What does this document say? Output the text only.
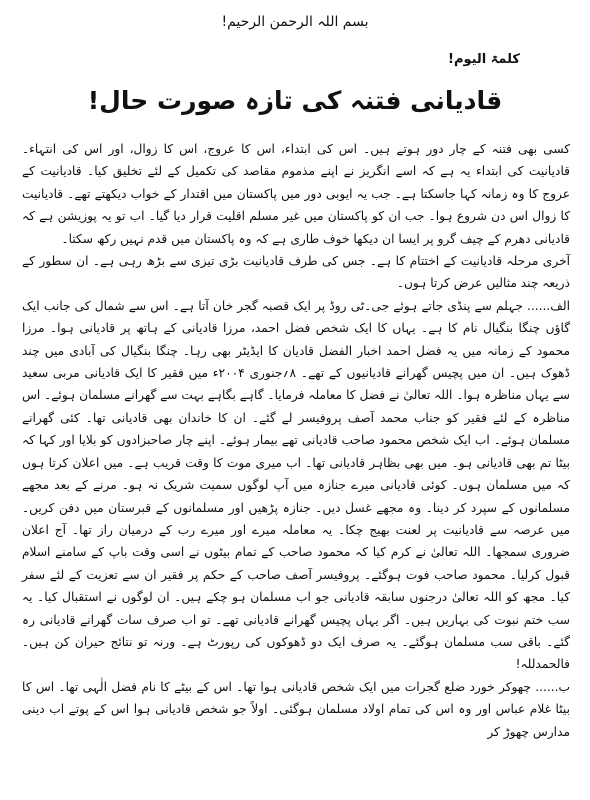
بسم اللہ الرحمن الرحیم!
کلمۃ الیوم!
قادیانی فتنہ کی تازہ صورت حال!

کسی بھی فتنہ کے چار دور ہوتے ہیں۔ اس کی ابتداء، اس کا عروج، اس کا زوال، اور اس کی انتہاء۔ قادیانیت کی ابتداء یہ ہے کہ اسے انگریز نے اپنے مذموم مقاصد کی تکمیل کے لئے تخلیق کیا۔ قادیانیت کے عروج کا وہ زمانہ کہا جاسکتا ہے۔ جب یہ ایوبی دور میں پاکستان میں اقتدار کے خواب دیکھتے تھے۔ قادیانیت کا زوال اس دن شروع ہوا۔ جب ان کو پاکستان میں غیر مسلم اقلیت قرار دیا گیا۔ اب تو یہ پوزیشن ہے کہ قادیانی دھرم کے چیف گرو پر ایسا ان دیکھا خوف طاری ہے کہ وہ پاکستان میں قدم نہیں رکھ سکتا۔

آخری مرحلہ قادیانیت کے اختتام کا ہے۔ جس کی طرف قادیانیت بڑی تیزی سے بڑھ رہی ہے۔ ان سطور کے ذریعہ چند مثالیں عرض کرتا ہوں۔

الف...... جہلم سے پنڈی جاتے ہوئے جی۔ٹی روڈ پر ایک قصبہ گجر خان آتا ہے۔ اس سے شمال کی جانب ایک گاؤں چنگا بنگیال نام کا ہے۔ یہاں کا ایک شخص فضل احمد، مرزا قادیانی کے ہاتھ پر قادیانی ہوا۔ مرزا محمود کے زمانہ میں یہ فضل احمد اخبار الفضل قادیان کا ایڈیٹر بھی رہا۔ چنگا بنگیال کی آبادی میں چند ڈھوک ہیں۔ ان میں پچیس گھرانے قادیانیوں کے تھے۔ ۸؍جنوری ۲۰۰۴ء میں فقیر کا ایک قادیانی مربی سعید سے یہاں مناظرہ ہوا۔ اللہ تعالیٰ نے فضل کا معاملہ فرمایا۔ گاہے بگاہے بہت سے گھرانے مسلمان ہوئے۔ اس مناظرہ کے لئے فقیر کو جناب محمد آصف پروفیسر لے گئے۔ ان کا خاندان بھی قادیانی تھا۔ کئی گھرانے مسلمان ہوئے۔ اب ایک شخص محمود صاحب قادیانی تھے بیمار ہوئے۔ اپنے چار صاحبزادوں کو بلایا اور کہا کہ بیٹا تم بھی قادیانی ہو۔ میں بھی بظاہر قادیانی تھا۔ اب میری موت کا وقت قریب ہے۔ میں اعلان کرتا ہوں کہ میں مسلمان ہوں۔ کوئی قادیانی میرے جنازہ میں آپ لوگوں سمیت شریک نہ ہو۔ مرنے کے بعد مجھے مسلمانوں کے سپرد کر دینا۔ وہ مجھے غسل دیں۔ جنازہ پڑھیں اور مسلمانوں کے قبرستان میں دفن کریں۔ میں عرصہ سے قادیانیت پر لعنت بھیج چکا۔ یہ معاملہ میرے اور میرے رب کے درمیان راز تھا۔ آج اعلان ضروری سمجھا۔ اللہ تعالیٰ نے کرم کیا کہ محمود صاحب کے تمام بیٹوں نے اسی وقت باپ کے سامنے اسلام قبول کرلیا۔ محمود صاحب فوت ہوگئے۔ پروفیسر آصف صاحب کے حکم پر فقیر ان سے تعزیت کے لئے سفر کیا۔ مجھ کو اللہ تعالیٰ درجنوں سابقہ قادیانی جو اب مسلمان ہو چکے ہیں۔ ان لوگوں نے استقبال کیا۔ یہ سب ختم نبوت کی بہاریں ہیں۔ اگر یہاں پچیس گھرانے قادیانی تھے۔ تو اب صرف سات گھرانے قادیانی رہ گئے۔ باقی سب مسلمان ہوگئے۔ یہ صرف ایک دو ڈھوکوں کی رپورٹ ہے۔ ورنہ تو نتائج حیران کن ہیں۔ فالحمدللہ!

ب...... چھوکر خورد ضلع گجرات میں ایک شخص قادیانی ہوا تھا۔ اس کے بیٹے کا نام فضل الٰہی تھا۔ اس کا بیٹا غلام عباس اور وہ اس کی تمام اولاد مسلمان ہوگئی۔ اولاً جو شخص قادیانی ہوا اس کے پوتے اب دینی مدارس چھوڑ کر
